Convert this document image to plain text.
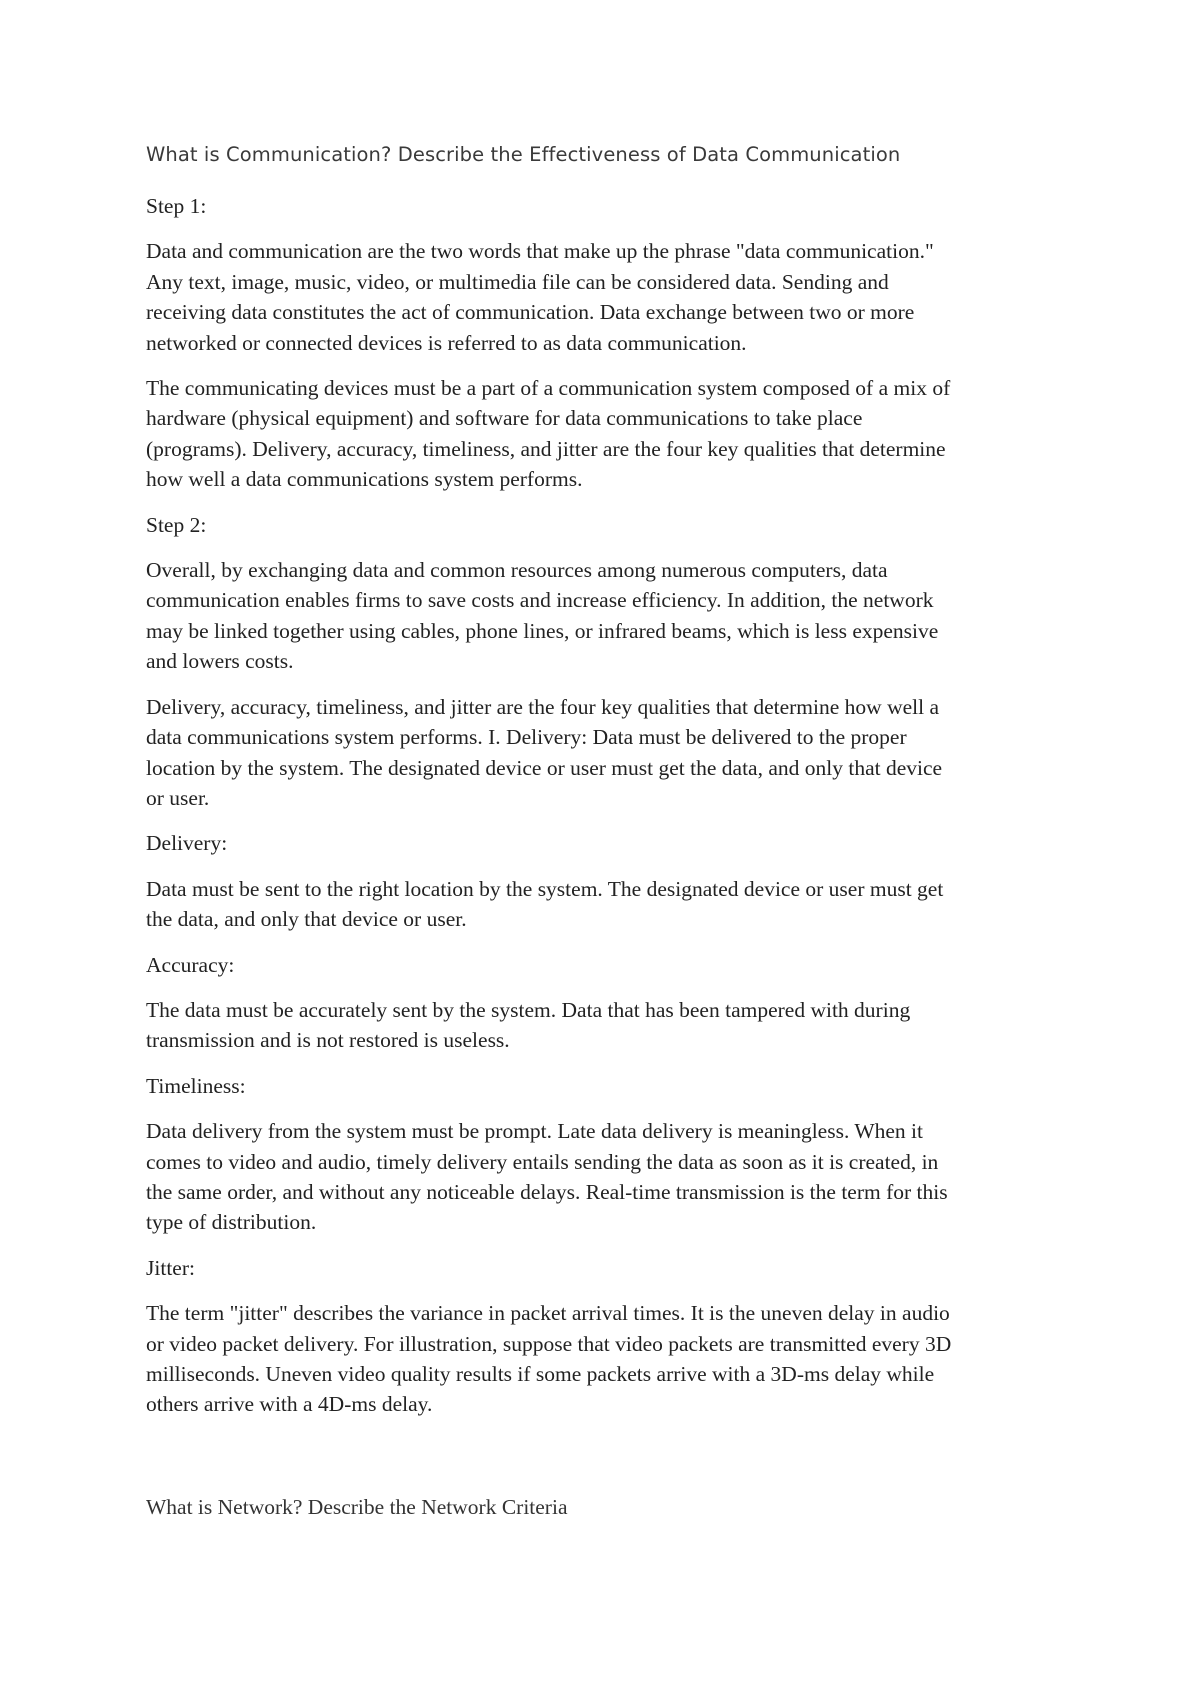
What is Communication? Describe the Effectiveness of Data Communication

Step 1:

Data and communication are the two words that make up the phrase "data communication."
Any text, image, music, video, or multimedia file can be considered data. Sending and
receiving data constitutes the act of communication. Data exchange between two or more
networked or connected devices is referred to as data communication.

The communicating devices must be a part of a communication system composed of a mix of
hardware (physical equipment) and software for data communications to take place
(programs). Delivery, accuracy, timeliness, and jitter are the four key qualities that determine
how well a data communications system performs.

Step 2:

Overall, by exchanging data and common resources among numerous computers, data
communication enables firms to save costs and increase efficiency. In addition, the network
may be linked together using cables, phone lines, or infrared beams, which is less expensive
and lowers costs.

Delivery, accuracy, timeliness, and jitter are the four key qualities that determine how well a
data communications system performs. I. Delivery: Data must be delivered to the proper
location by the system. The designated device or user must get the data, and only that device
or user.

Delivery:

Data must be sent to the right location by the system. The designated device or user must get
the data, and only that device or user.

Accuracy:

The data must be accurately sent by the system. Data that has been tampered with during
transmission and is not restored is useless.

Timeliness:

Data delivery from the system must be prompt. Late data delivery is meaningless. When it
comes to video and audio, timely delivery entails sending the data as soon as it is created, in
the same order, and without any noticeable delays. Real-time transmission is the term for this
type of distribution.

Jitter:

The term "jitter" describes the variance in packet arrival times. It is the uneven delay in audio
or video packet delivery. For illustration, suppose that video packets are transmitted every 3D
milliseconds. Uneven video quality results if some packets arrive with a 3D-ms delay while
others arrive with a 4D-ms delay.

What is Network? Describe the Network Criteria
